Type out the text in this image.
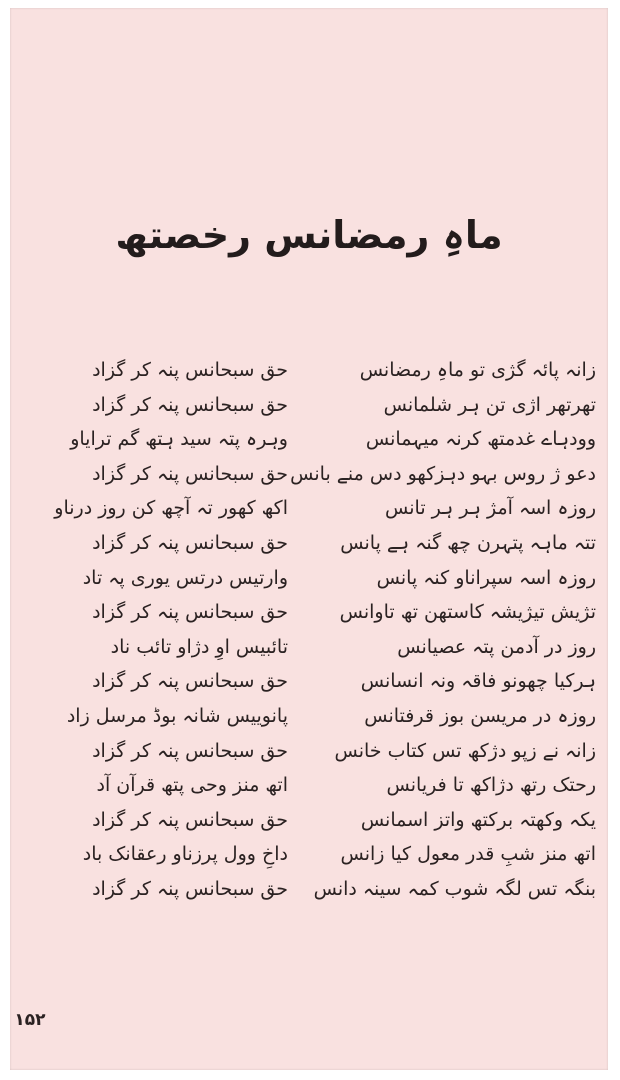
ماہِ رمضانس رخصتھ
زانہ پائہ گژی تو ماہِ رمضانس
تھرتھر اژی تن ہر شلمانس
وودہاے غدمتھ کرنہ میہمانس
دعو ژ روس بہو دہزکھو دس منے بانس
روزہ اسہ آمژ ہر ہر تانس
تتہ ماہہ پتہرن چھ گنہ ہے پانس
روزہ اسہ سپراناو کنہ پانس
تژیش تیژیشہ کاستھن تھ تاوانس
روز در آدمن پتہ عصیانس
ہرکیا چھونو فاقہ ونہ انسانس
روزہ در مریسن بوز قرفتانس
زانہ نے زپو دژکھ تس کتاب خانس
رحتک رتھ دژاکھ تا فریانس
یکہ وکھتہ برکتھ واتز اسمانس
اتھ منز شبِ قدر معول کیا زانس
بنگہ تس لگہ شوب کمہ سینہ دانس
حق سبحانس پنہ کر گزاد
حق سبحانس پنہ کر گزاد
وہرہ پتہ سید ہتھ گم ترایاو
حق سبحانس پنہ کر گزاد
اکھ کھور تہ آچھ کن روز درناو
حق سبحانس پنہ کر گزاد
وارتیس درتس یوری پہ تاد
حق سبحانس پنہ کر گزاد
تائبیس اوِ دژاو تائب ناد
حق سبحانس پنہ کر گزاد
پانوییس شانہ بوڈ مرسل زاد
حق سبحانس پنہ کر گزاد
اتھ منز وحی پتھ قرآن آد
حق سبحانس پنہ کر گزاد
داخِ وول پرزناو رعقانک باد
حق سبحانس پنہ کر گزاد
۱۵۲
